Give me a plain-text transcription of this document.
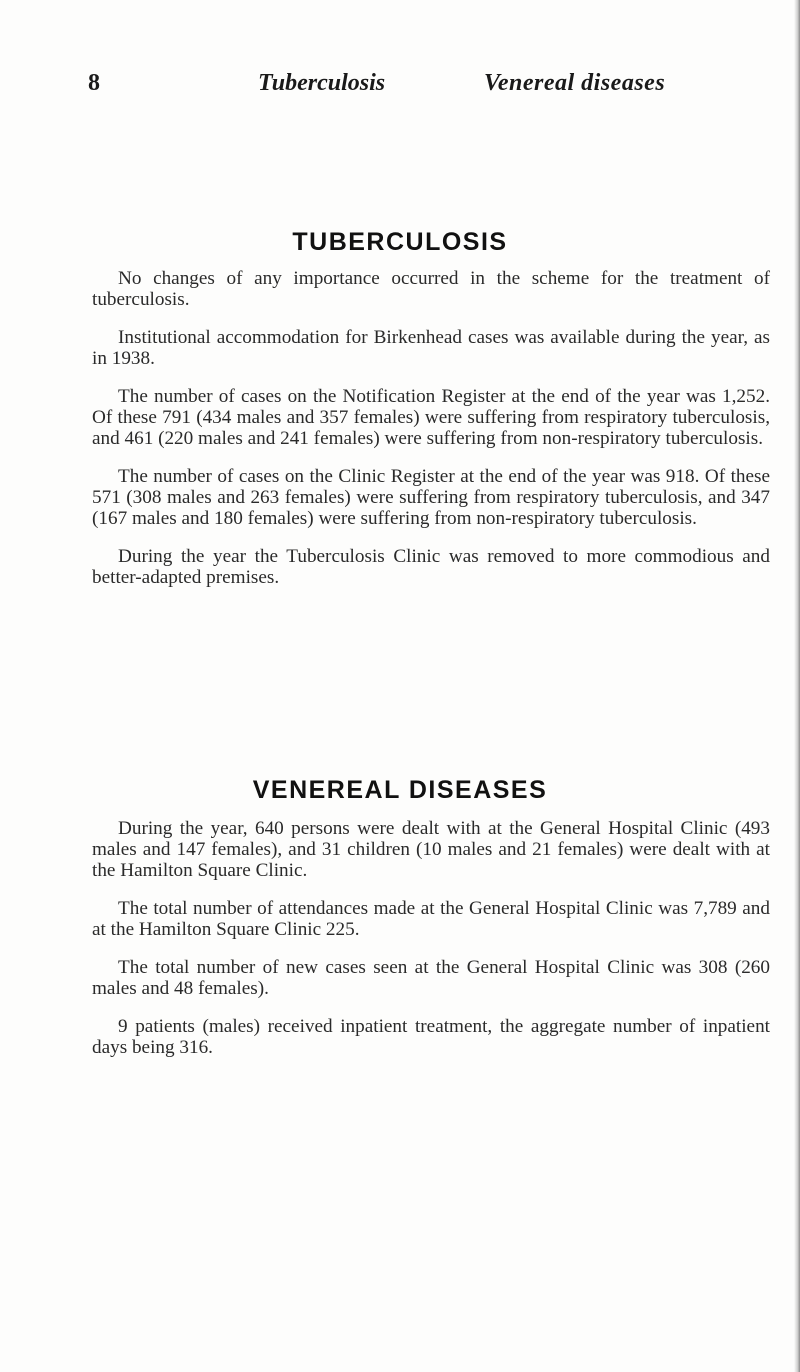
8	Tuberculosis	Venereal diseases
TUBERCULOSIS

No changes of any importance occurred in the scheme for the treatment of tuberculosis.

Institutional accommodation for Birkenhead cases was available during the year, as in 1938.

The number of cases on the Notification Register at the end of the year was 1,252. Of these 791 (434 males and 357 females) were suffering from respiratory tuberculosis, and 461 (220 males and 241 females) were suffering from non-respiratory tuberculosis.

The number of cases on the Clinic Register at the end of the year was 918. Of these 571 (308 males and 263 females) were suffering from respiratory tuberculosis, and 347 (167 males and 180 females) were suffering from non-respiratory tuberculosis.

During the year the Tuberculosis Clinic was removed to more commodious and better-adapted premises.

VENEREAL DISEASES

During the year, 640 persons were dealt with at the General Hospital Clinic (493 males and 147 females), and 31 children (10 males and 21 females) were dealt with at the Hamilton Square Clinic.

The total number of attendances made at the General Hospital Clinic was 7,789 and at the Hamilton Square Clinic 225.

The total number of new cases seen at the General Hospital Clinic was 308 (260 males and 48 females).

9 patients (males) received inpatient treatment, the aggregate number of inpatient days being 316.
